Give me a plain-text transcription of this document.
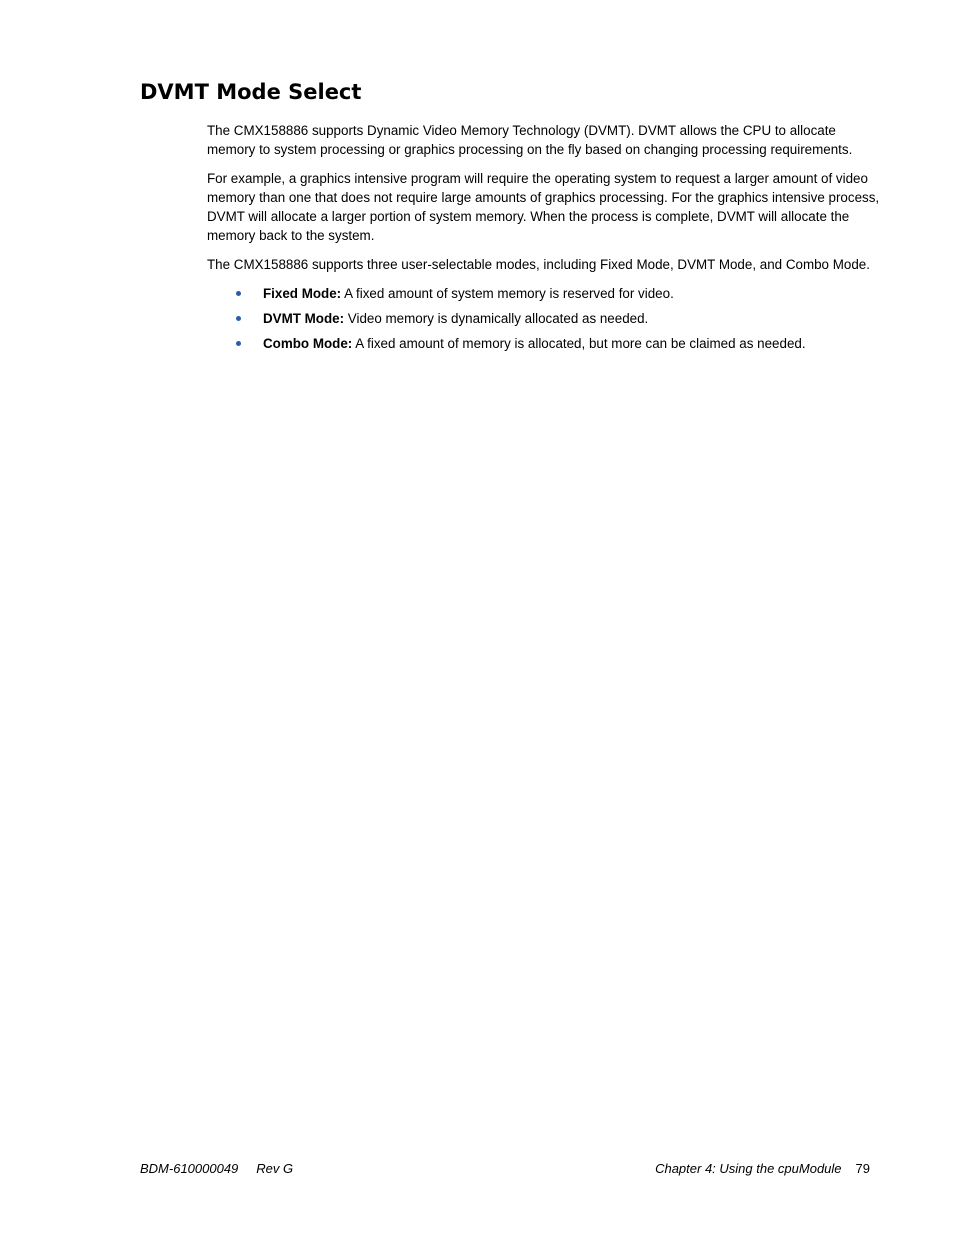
DVMT Mode Select

The CMX158886 supports Dynamic Video Memory Technology (DVMT). DVMT allows the CPU to allocate memory to system processing or graphics processing on the fly based on changing processing requirements.

For example, a graphics intensive program will require the operating system to request a larger amount of video memory than one that does not require large amounts of graphics processing. For the graphics intensive process, DVMT will allocate a larger portion of system memory. When the process is complete, DVMT will allocate the memory back to the system.

The CMX158886 supports three user-selectable modes, including Fixed Mode, DVMT Mode, and Combo Mode.

Fixed Mode: A fixed amount of system memory is reserved for video.
DVMT Mode: Video memory is dynamically allocated as needed.
Combo Mode: A fixed amount of memory is allocated, but more can be claimed as needed.
BDM-610000049 Rev G	Chapter 4: Using the cpuModule 79
